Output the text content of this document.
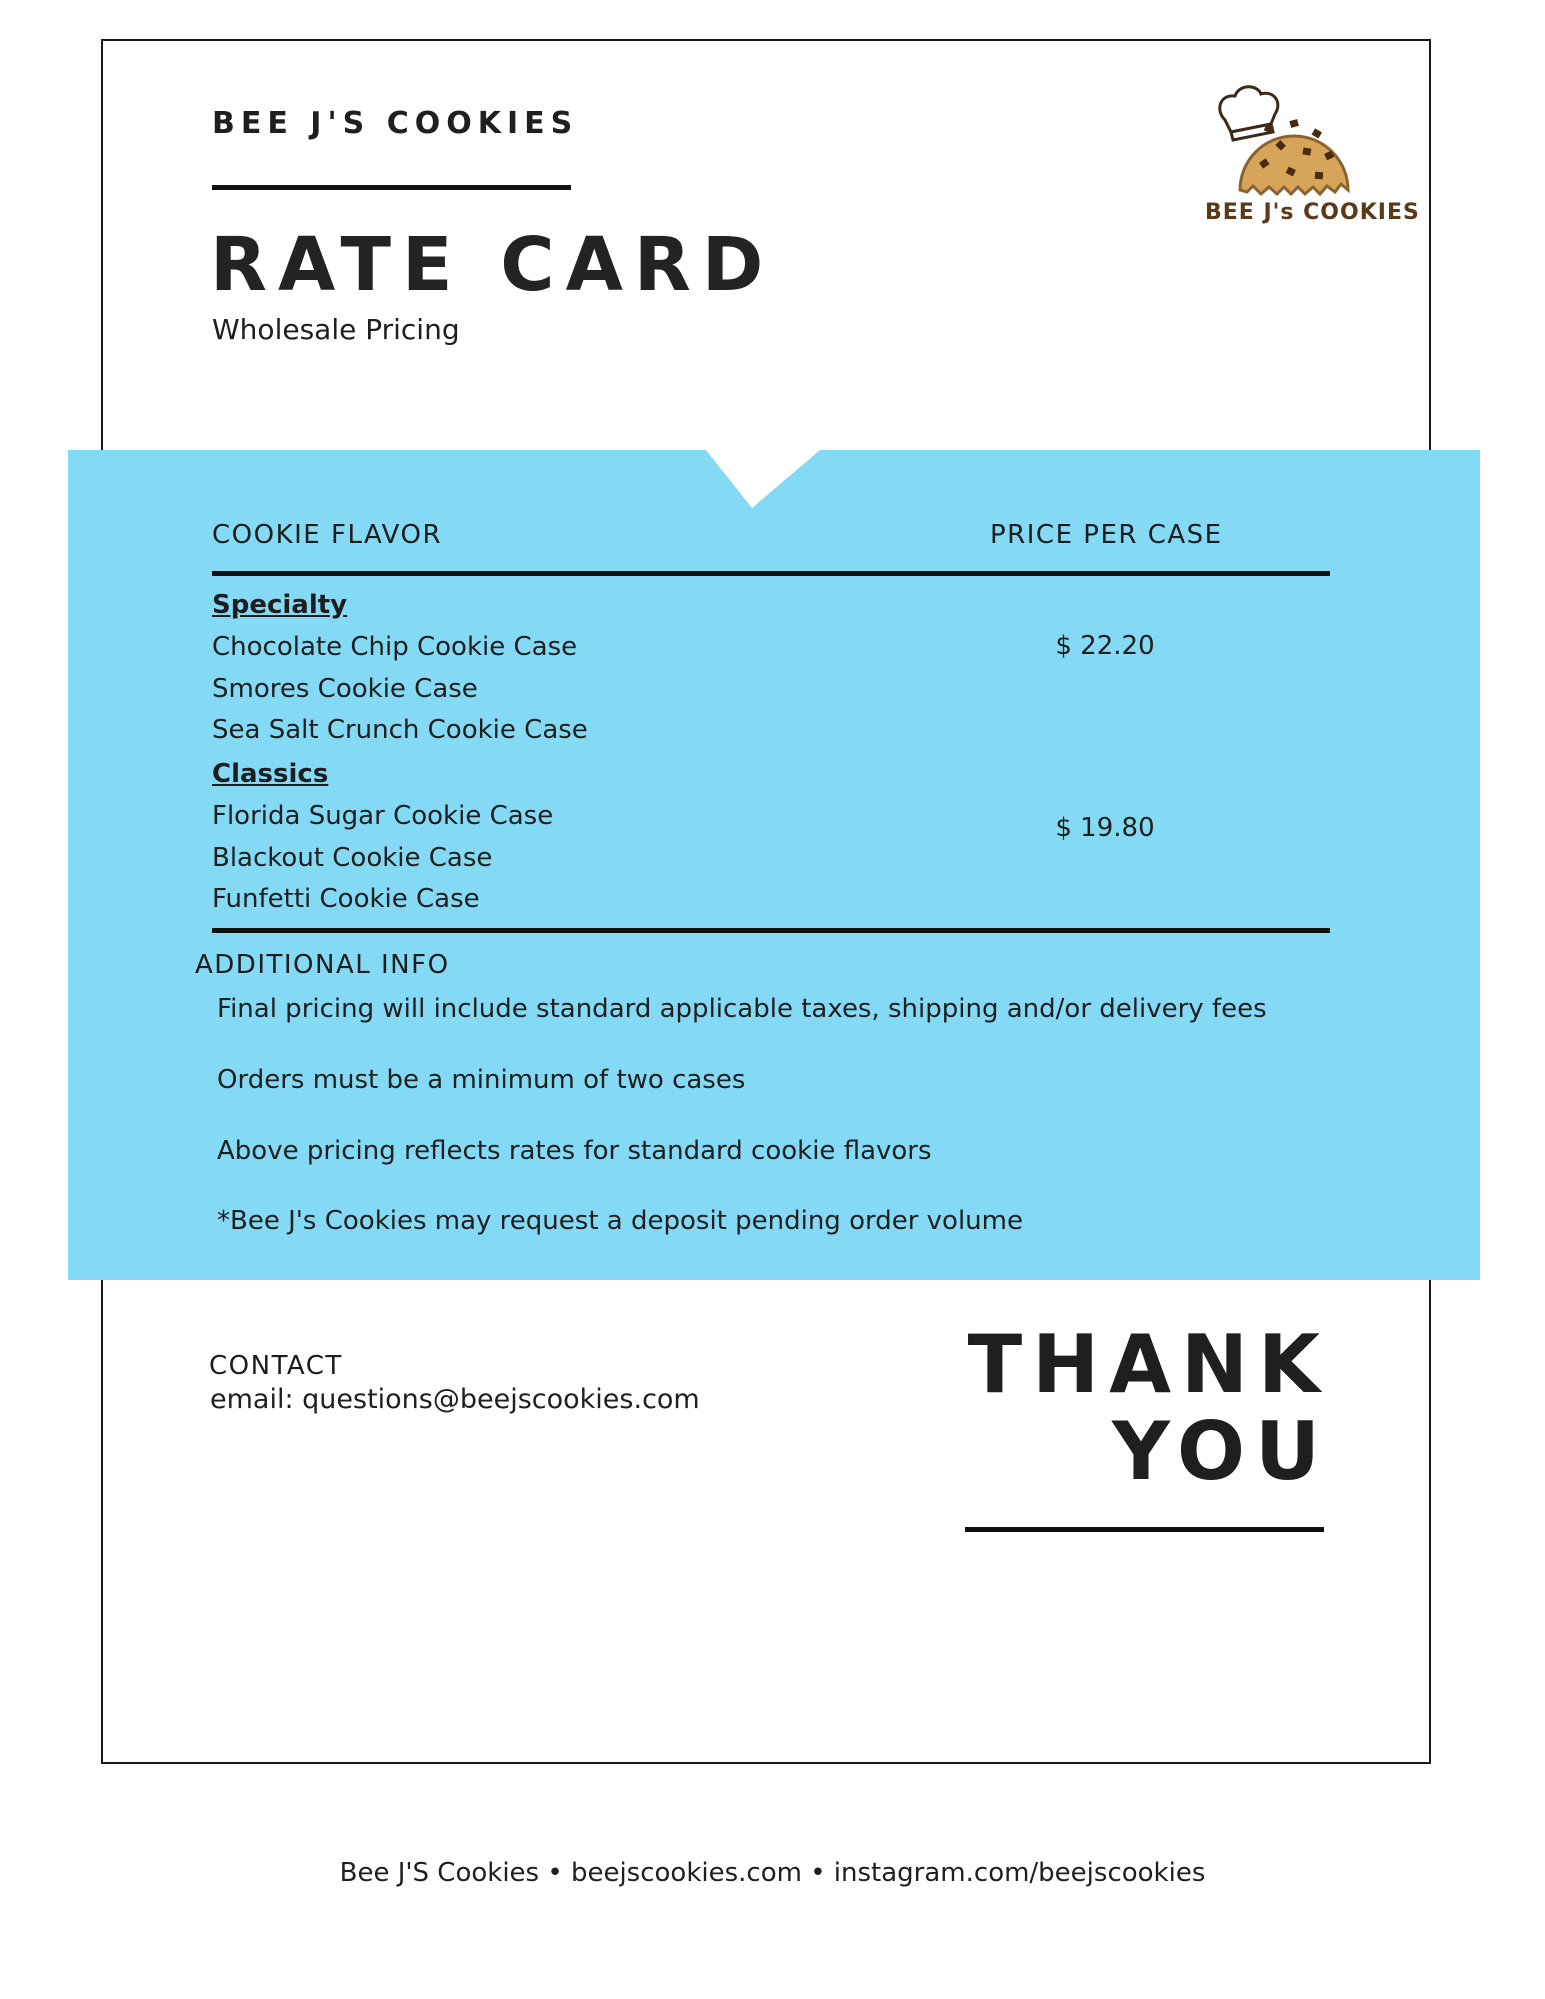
BEE J'S COOKIES
RATE CARD
Wholesale Pricing
BEE J's COOKIES
COOKIE FLAVOR	PRICE PER CASE
Specialty
Chocolate Chip Cookie Case
Smores Cookie Case
Sea Salt Crunch Cookie Case
$ 22.20
Classics
Florida Sugar Cookie Case
Blackout Cookie Case
Funfetti Cookie Case
$ 19.80
ADDITIONAL INFO
Final pricing will include standard applicable taxes, shipping and/or delivery fees
Orders must be a minimum of two cases
Above pricing reflects rates for standard cookie flavors
*Bee J's Cookies may request a deposit pending order volume
CONTACT
email: questions@beejscookies.com	THANK
YOU
Bee J'S Cookies • beejscookies.com • instagram.com/beejscookies
